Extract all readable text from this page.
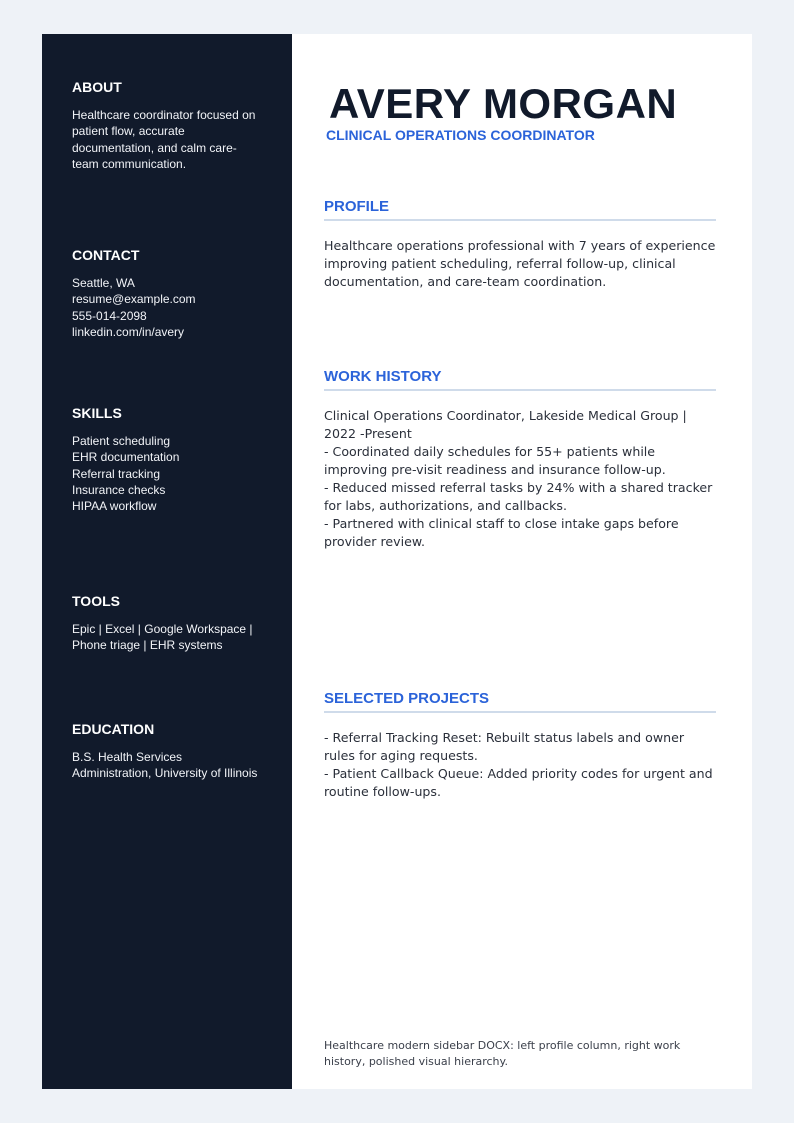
ABOUT
Healthcare coordinator focused on patient flow, accurate documentation, and calm care-team communication.
CONTACT
Seattle, WA
resume@example.com
555-014-2098
linkedin.com/in/avery
SKILLS
Patient scheduling
EHR documentation
Referral tracking
Insurance checks
HIPAA workflow
TOOLS
Epic | Excel | Google Workspace | Phone triage | EHR systems
EDUCATION
B.S. Health Services Administration, University of Illinois
AVERY MORGAN
CLINICAL OPERATIONS COORDINATOR
PROFILE
Healthcare operations professional with 7 years of experience improving patient scheduling, referral follow-up, clinical documentation, and care-team coordination.
WORK HISTORY
Clinical Operations Coordinator, Lakeside Medical Group | 2022 -Present
- Coordinated daily schedules for 55+ patients while improving pre-visit readiness and insurance follow-up.
- Reduced missed referral tasks by 24% with a shared tracker for labs, authorizations, and callbacks.
- Partnered with clinical staff to close intake gaps before provider review.
SELECTED PROJECTS
- Referral Tracking Reset: Rebuilt status labels and owner rules for aging requests.
- Patient Callback Queue: Added priority codes for urgent and routine follow-ups.
Healthcare modern sidebar DOCX: left profile column, right work history, polished visual hierarchy.
